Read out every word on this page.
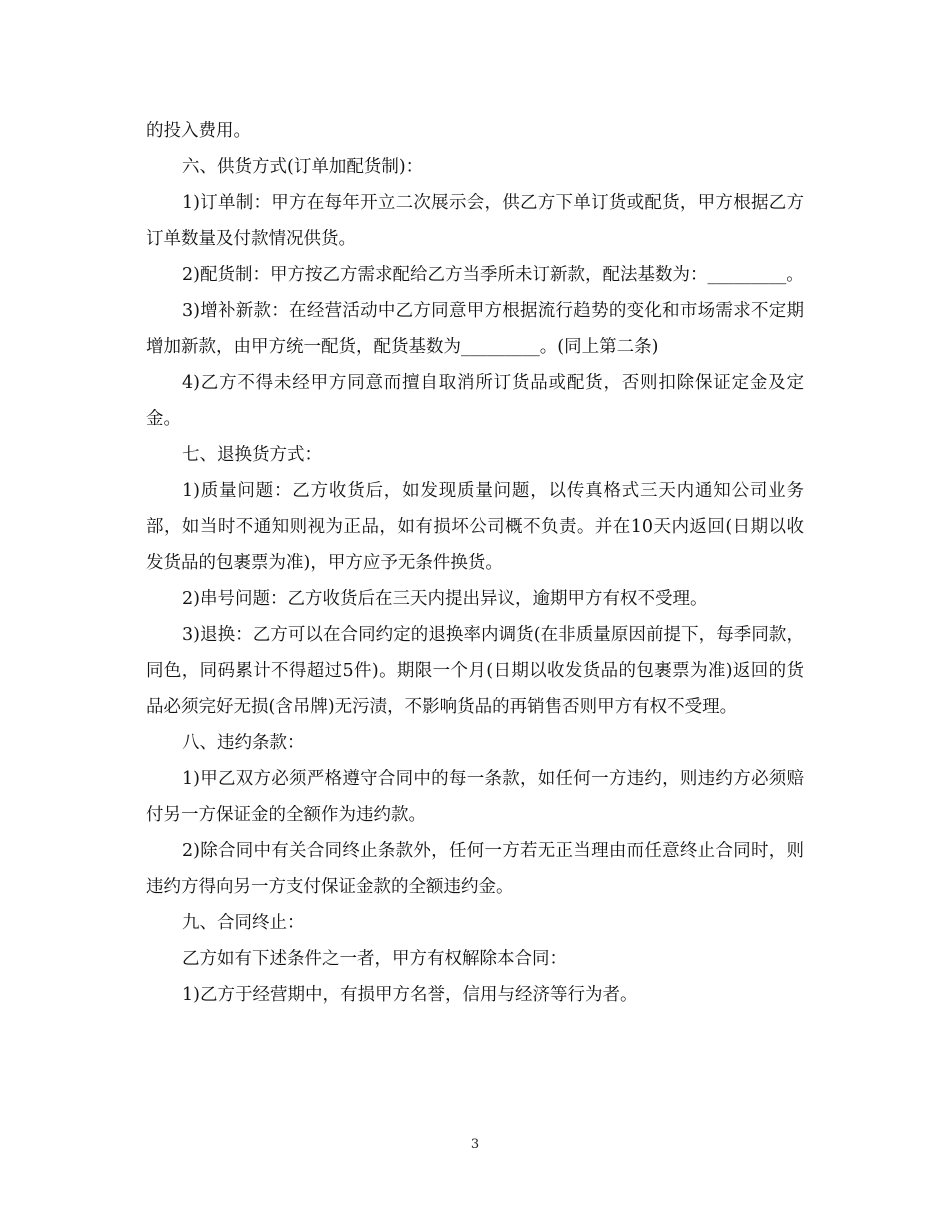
的投入费用。

六、供货方式(订单加配货制)：

1)订单制：甲方在每年开立二次展示会，供乙方下单订货或配货，甲方根据乙方订单数量及付款情况供货。

2)配货制：甲方按乙方需求配给乙方当季所未订新款，配法基数为：_________。

3)增补新款：在经营活动中乙方同意甲方根据流行趋势的变化和市场需求不定期增加新款，由甲方统一配货，配货基数为_________。(同上第二条)

4)乙方不得未经甲方同意而擅自取消所订货品或配货，否则扣除保证定金及定金。

七、退换货方式：

1)质量问题：乙方收货后，如发现质量问题，以传真格式三天内通知公司业务部，如当时不通知则视为正品，如有损坏公司概不负责。并在10天内返回(日期以收发货品的包裹票为准)，甲方应予无条件换货。

2)串号问题：乙方收货后在三天内提出异议，逾期甲方有权不受理。

3)退换：乙方可以在合同约定的退换率内调货(在非质量原因前提下，每季同款，同色，同码累计不得超过5件)。期限一个月(日期以收发货品的包裹票为准)返回的货品必须完好无损(含吊牌)无污渍，不影响货品的再销售否则甲方有权不受理。

八、违约条款：

1)甲乙双方必须严格遵守合同中的每一条款，如任何一方违约，则违约方必须赔付另一方保证金的全额作为违约款。

2)除合同中有关合同终止条款外，任何一方若无正当理由而任意终止合同时，则违约方得向另一方支付保证金款的全额违约金。

九、合同终止：

乙方如有下述条件之一者，甲方有权解除本合同：

1)乙方于经营期中，有损甲方名誉，信用与经济等行为者。

3
